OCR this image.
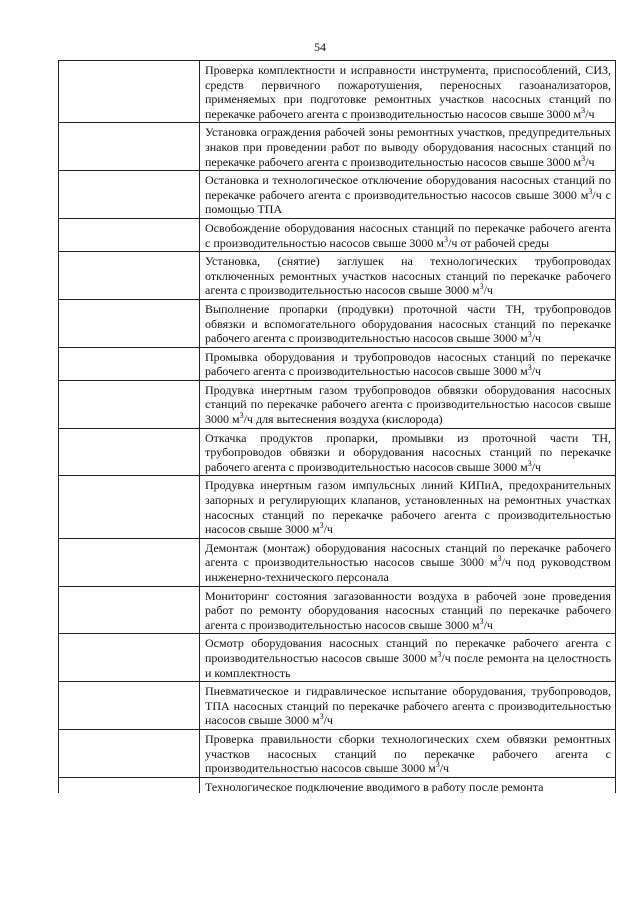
54

	Проверка комплектности и исправности инструмента, приспособлений, СИЗ, средств первичного пожаротушения, переносных газоанализаторов, применяемых при подготовке ремонтных участков насосных станций по перекачке рабочего агента с производительностью насосов свыше 3000 $м^3/ч$

	Установка ограждения рабочей зоны ремонтных участков, предупредительных знаков при проведении работ по выводу оборудования насосных станций по перекачке рабочего агента с производительностью насосов свыше 3000 $м^3/ч$

	Остановка и технологическое отключение оборудования насосных станций по перекачке рабочего агента с производительностью насосов свыше 3000 $м^3/ч$ с помощью ТПА

	Освобождение оборудования насосных станций по перекачке рабочего агента с производительностью насосов свыше 3000 $м^3/ч$ от рабочей среды

	Установка, (снятие) заглушек на технологических трубопроводах отключенных ремонтных участков насосных станций по перекачке рабочего агента с производительностью насосов свыше 3000 $м^3/ч$

	Выполнение пропарки (продувки) проточной части ТН, трубопроводов обвязки и вспомогательного оборудования насосных станций по перекачке рабочего агента с производительностью насосов свыше 3000 $м^3/ч$

	Промывка оборудования и трубопроводов насосных станций по перекачке рабочего агента с производительностью насосов свыше 3000 $м^3/ч$

	Продувка инертным газом трубопроводов обвязки оборудования насосных станций по перекачке рабочего агента с производительностью насосов свыше 3000 $м^3/ч$ для вытеснения воздуха (кислорода)

	Откачка продуктов пропарки, промывки из проточной части ТН, трубопроводов обвязки и оборудования насосных станций по перекачке рабочего агента с производительностью насосов свыше 3000 $м^3/ч$

	Продувка инертным газом импульсных линий КИПиА, предохранительных запорных и регулирующих клапанов, установленных на ремонтных участках насосных станций по перекачке рабочего агента с производительностью насосов свыше 3000 $м^3/ч$

	Демонтаж (монтаж) оборудования насосных станций по перекачке рабочего агента с производительностью насосов свыше 3000 $м^3/ч$ под руководством инженерно-технического персонала

	Мониторинг состояния загазованности воздуха в рабочей зоне проведения работ по ремонту оборудования насосных станций по перекачке рабочего агента с производительностью насосов свыше 3000 $м^3/ч$

	Осмотр оборудования насосных станций по перекачке рабочего агента с производительностью насосов свыше 3000 $м^3/ч$ после ремонта на целостность и комплектность

	Пневматическое и гидравлическое испытание оборудования, трубопроводов, ТПА насосных станций по перекачке рабочего агента с производительностью насосов свыше 3000 $м^3/ч$

	Проверка правильности сборки технологических схем обвязки ремонтных участков насосных станций по перекачке рабочего агента с производительностью насосов свыше 3000 $м^3/ч$

	Технологическое подключение вводимого в работу после ремонта
